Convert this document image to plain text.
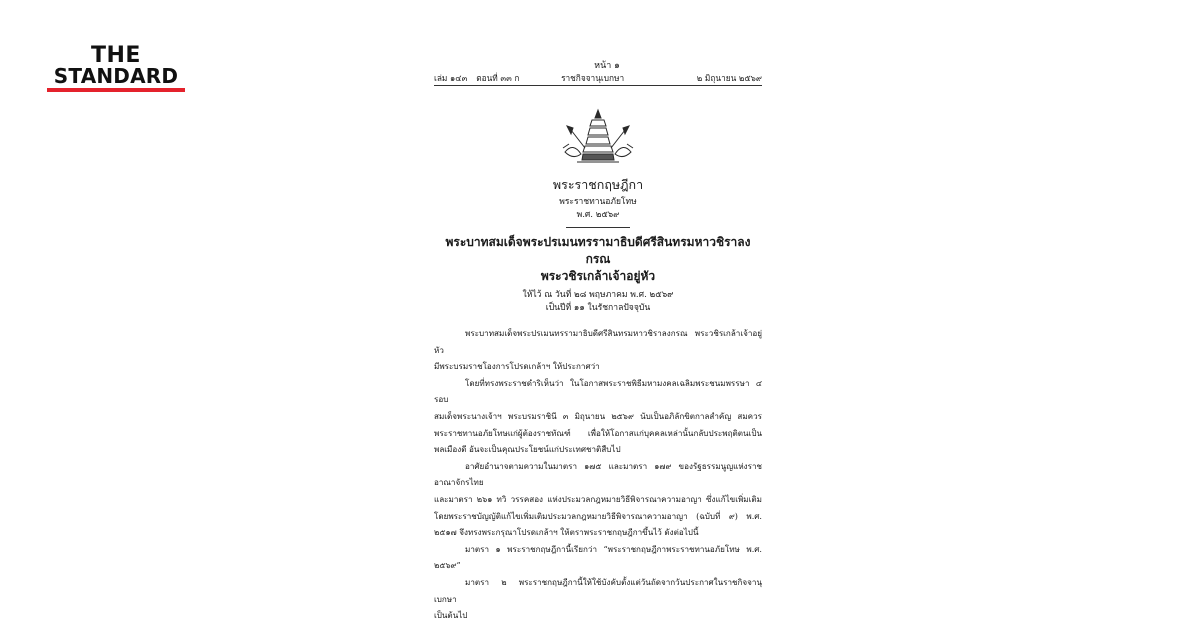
THE
STANDARD	หน้า ๑
เล่ม ๑๔๓ ตอนที่ ๓๓ ก	ราชกิจจานุเบกษา	๒ มิถุนายน ๒๕๖๙
พระราชกฤษฎีกา
พระราชทานอภัยโทษ
พ.ศ. ๒๕๖๙
พระบาทสมเด็จพระปรเมนทรรามาธิบดีศรีสินทรมหาวชิราลงกรณ
พระวชิรเกล้าเจ้าอยู่หัว
ให้ไว้ ณ วันที่ ๒๘ พฤษภาคม พ.ศ. ๒๕๖๙
เป็นปีที่ ๑๑ ในรัชกาลปัจจุบัน

พระบาทสมเด็จพระปรเมนทรรามาธิบดีศรีสินทรมหาวชิราลงกรณ พระวชิรเกล้าเจ้าอยู่หัว

มีพระบรมราชโองการโปรดเกล้าฯ ให้ประกาศว่า

โดยที่ทรงพระราชดำริเห็นว่า ในโอกาสพระราชพิธีมหามงคลเฉลิมพระชนมพรรษา ๔ รอบ

สมเด็จพระนางเจ้าฯ พระบรมราชินี ๓ มิถุนายน ๒๕๖๙ นับเป็นอภิลักขิตกาลสำคัญ สมควร พระราชทานอภัยโทษแก่ผู้ต้องราชทัณฑ์ เพื่อให้โอกาสแก่บุคคลเหล่านั้นกลับประพฤติตนเป็นพลเมืองดี อันจะเป็นคุณประโยชน์แก่ประเทศชาติสืบไป

อาศัยอำนาจตามความในมาตรา ๑๗๕ และมาตรา ๑๗๙ ของรัฐธรรมนูญแห่งราชอาณาจักรไทย

และมาตรา ๒๖๑ ทวิ วรรคสอง แห่งประมวลกฎหมายวิธีพิจารณาความอาญา ซึ่งแก้ไขเพิ่มเติม โดยพระราชบัญญัติแก้ไขเพิ่มเติมประมวลกฎหมายวิธีพิจารณาความอาญา (ฉบับที่ ๙) พ.ศ. ๒๕๑๗ จึงทรงพระกรุณาโปรดเกล้าฯ ให้ตราพระราชกฤษฎีกาขึ้นไว้ ดังต่อไปนี้

มาตรา ๑ พระราชกฤษฎีกานี้เรียกว่า “พระราชกฤษฎีกาพระราชทานอภัยโทษ พ.ศ. ๒๕๖๙”

มาตรา ๒ พระราชกฤษฎีกานี้ให้ใช้บังคับตั้งแต่วันถัดจากวันประกาศในราชกิจจานุเบกษา

เป็นต้นไป
